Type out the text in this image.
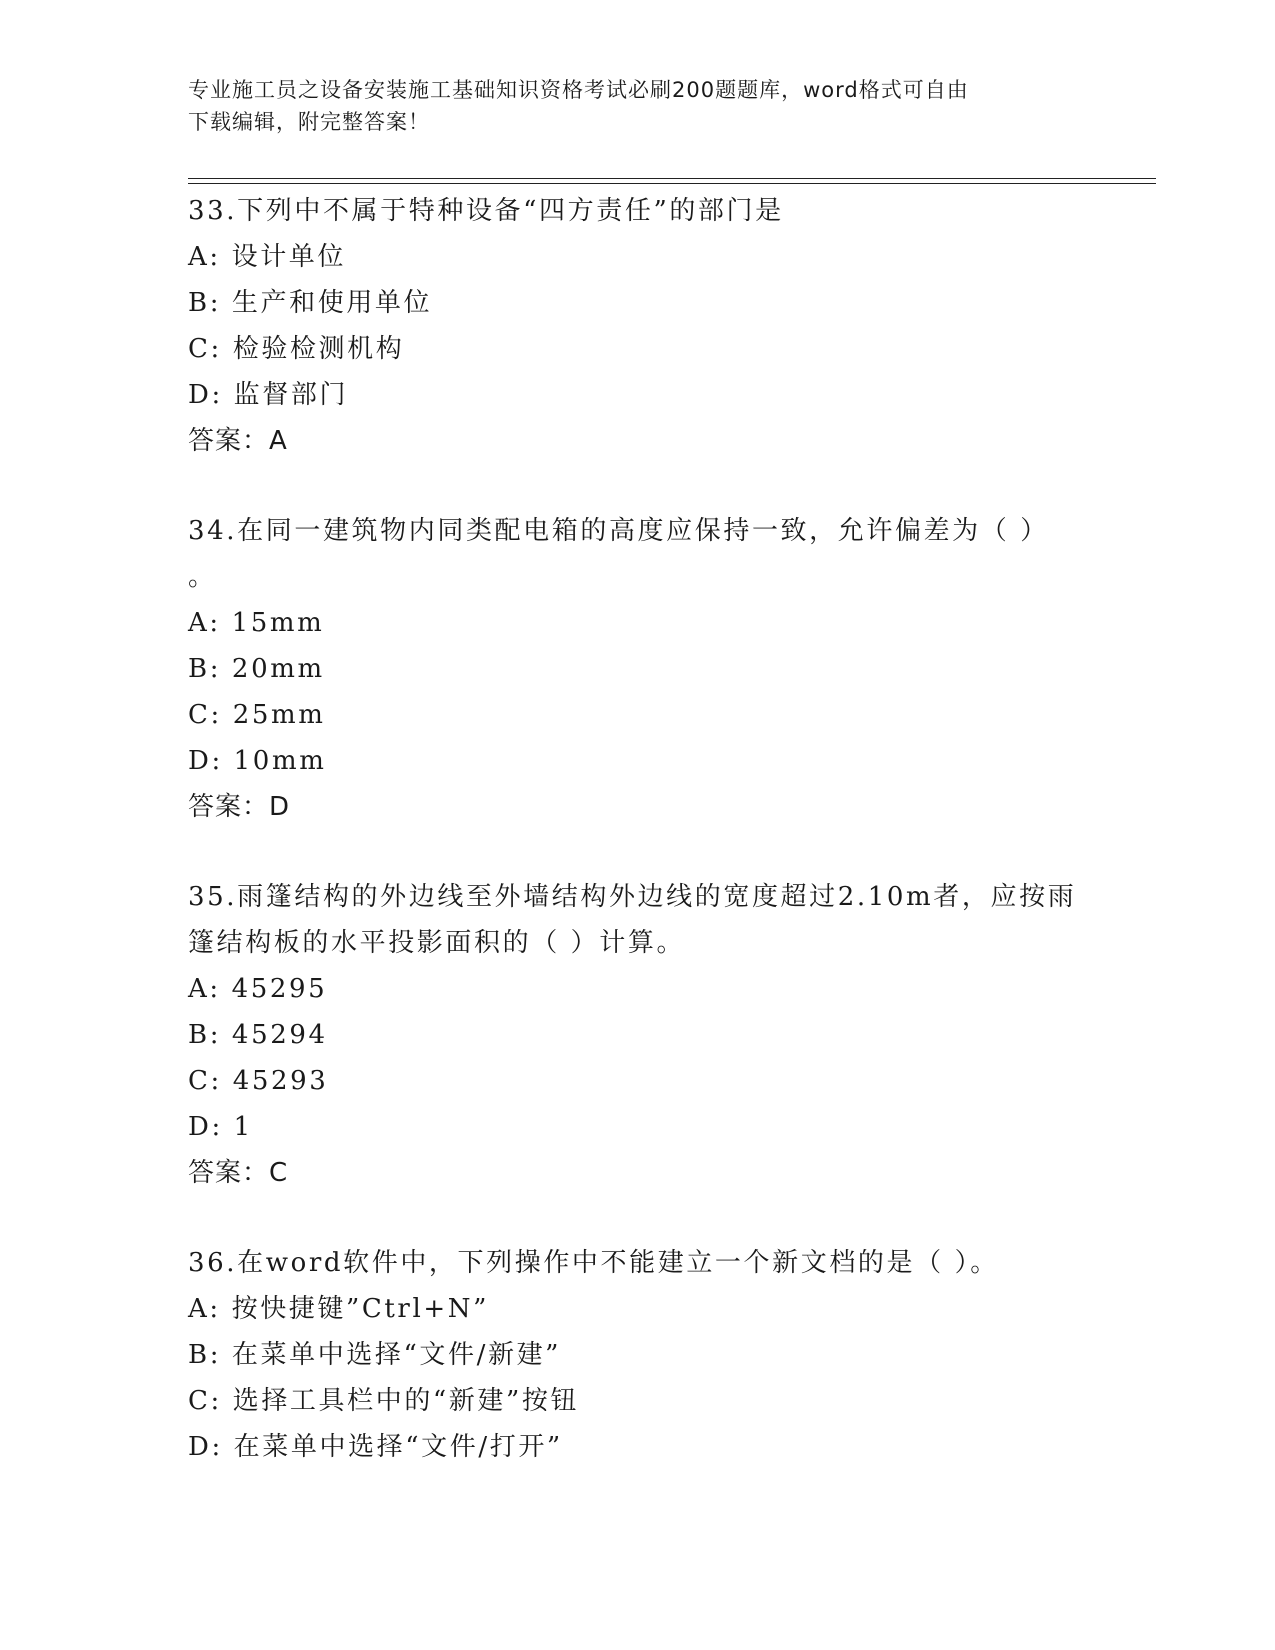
专业施工员之设备安装施工基础知识资格考试必刷200题题库，word格式可自由
下载编辑，附完整答案！

33.下列中不属于特种设备“四方责任”的部门是

A: 设计单位

B: 生产和使用单位

C: 检验检测机构

D: 监督部门

答案：A

34.在同一建筑物内同类配电箱的高度应保持一致，允许偏差为（ ）

。

A: 15mm

B: 20mm

C: 25mm

D: 10mm

答案：D

35.雨篷结构的外边线至外墙结构外边线的宽度超过2.10m者，应按雨

篷结构板的水平投影面积的（ ）计算。

A: 45295

B: 45294

C: 45293

D: 1

答案：C

36.在word软件中，下列操作中不能建立一个新文档的是（ ）。

A: 按快捷键”Ctrl+N”

B: 在菜单中选择“文件/新建”

C: 选择工具栏中的“新建”按钮

D: 在菜单中选择“文件/打开”
